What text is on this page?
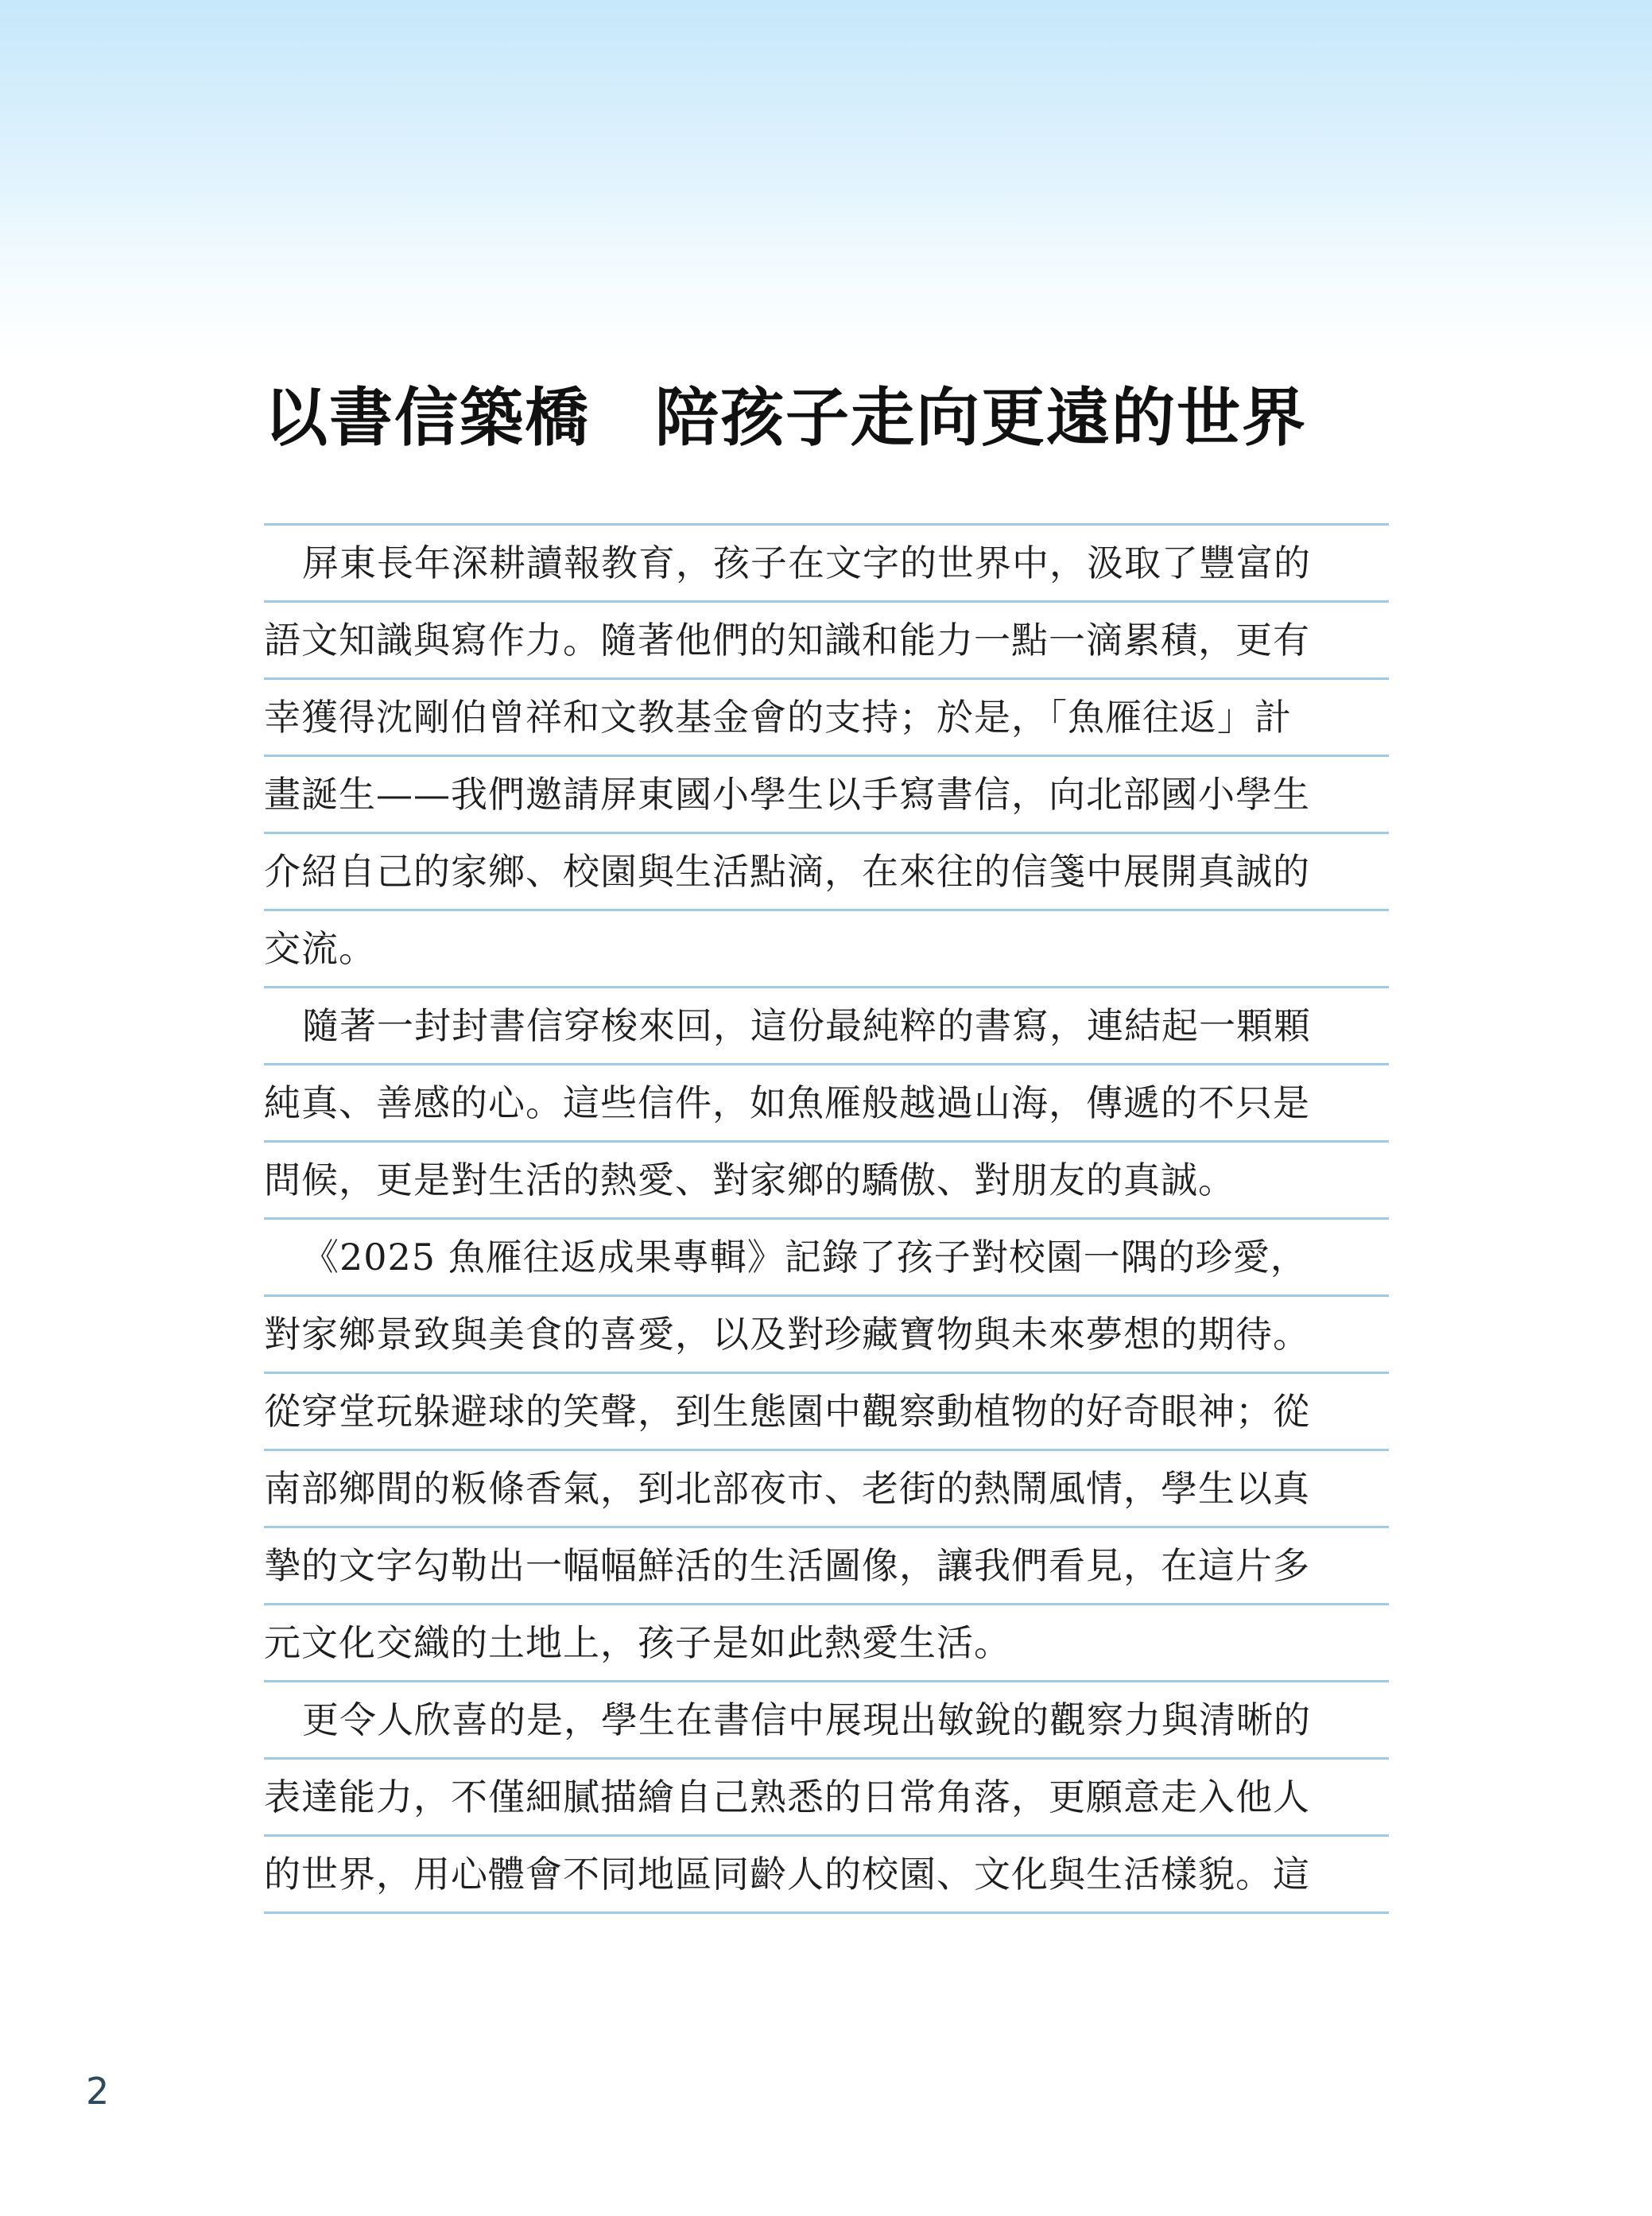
以書信築橋　陪孩子走向更遠的世界
屏東長年深耕讀報教育，孩子在文字的世界中，汲取了豐富的
語文知識與寫作力。隨著他們的知識和能力一點一滴累積，更有
幸獲得沈剛伯曾祥和文教基金會的支持；於是，「魚雁往返」計
畫誕生——我們邀請屏東國小學生以手寫書信，向北部國小學生
介紹自己的家鄉、校園與生活點滴，在來往的信箋中展開真誠的
交流。
隨著一封封書信穿梭來回，這份最純粹的書寫，連結起一顆顆
純真、善感的心。這些信件，如魚雁般越過山海，傳遞的不只是
問候，更是對生活的熱愛、對家鄉的驕傲、對朋友的真誠。
《2025 魚雁往返成果專輯》記錄了孩子對校園一隅的珍愛，
對家鄉景致與美食的喜愛，以及對珍藏寶物與未來夢想的期待。
從穿堂玩躲避球的笑聲，到生態園中觀察動植物的好奇眼神；從
南部鄉間的粄條香氣，到北部夜市、老街的熱鬧風情，學生以真
摯的文字勾勒出一幅幅鮮活的生活圖像，讓我們看見，在這片多
元文化交織的土地上，孩子是如此熱愛生活。
更令人欣喜的是，學生在書信中展現出敏銳的觀察力與清晰的
表達能力，不僅細膩描繪自己熟悉的日常角落，更願意走入他人
的世界，用心體會不同地區同齡人的校園、文化與生活樣貌。這
2
